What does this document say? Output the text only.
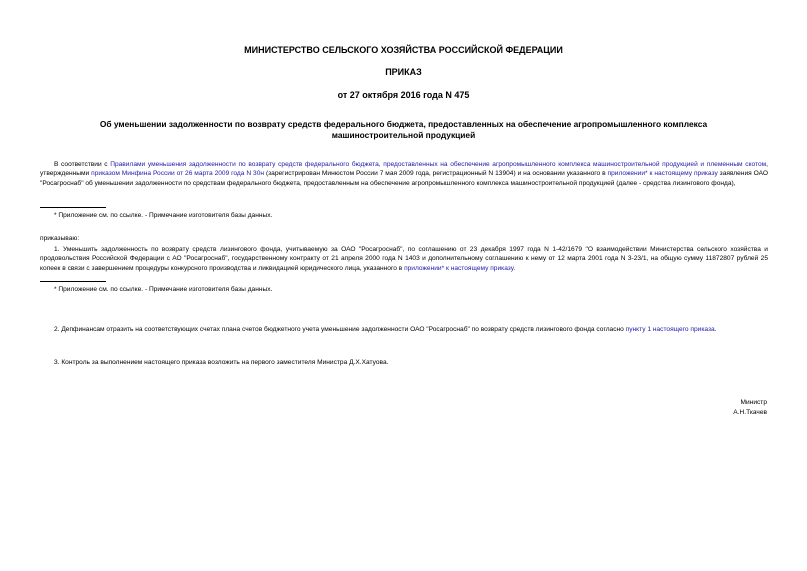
МИНИСТЕРСТВО СЕЛЬСКОГО ХОЗЯЙСТВА РОССИЙСКОЙ ФЕДЕРАЦИИ
ПРИКАЗ
от 27 октября 2016 года N 475
Об уменьшении задолженности по возврату средств федерального бюджета, предоставленных на обеспечение агропромышленного комплекса машиностроительной продукцией
В соответствии с Правилами уменьшения задолженности по возврату средств федерального бюджета, предоставленных на обеспечение агропромышленного комплекса машиностроительной продукцией и племенным скотом, утвержденными приказом Минфина России от 26 марта 2009 года N 30н (зарегистрирован Минюстом России 7 мая 2009 года, регистрационный N 13904) и на основании указанного в приложении* к настоящему приказу заявления ОАО "Росагроснаб" об уменьшении задолженности по средствам федерального бюджета, предоставленным на обеспечение агропромышленного комплекса машиностроительной продукцией (далее - средства лизингового фонда),
* Приложение см. по ссылке. - Примечание изготовителя базы данных.
приказываю:
1. Уменьшить задолженность по возврату средств лизингового фонда, учитываемую за ОАО "Росагроснаб", по соглашению от 23 декабря 1997 года N 1-42/1679 "О взаимодействии Министерства сельского хозяйства и продовольствия Российской Федерации с АО "Росагроснаб", государственному контракту от 21 апреля 2000 года N 1403 и дополнительному соглашению к нему от 12 марта 2001 года N 3-23/1, на общую сумму 11872807 рублей 25 копеек в связи с завершением процедуры конкурсного производства и ликвидацией юридического лица, указанного в приложении* к настоящему приказу.
* Приложение см. по ссылке. - Примечание изготовителя базы данных.
2. Депфинансам отразить на соответствующих счетах плана счетов бюджетного учета уменьшение задолженности ОАО "Росагроснаб" по возврату средств лизингового фонда согласно пункту 1 настоящего приказа.
3. Контроль за выполнением настоящего приказа возложить на первого заместителя Министра Д.Х.Хатуова.
Министр
А.Н.Ткачев
